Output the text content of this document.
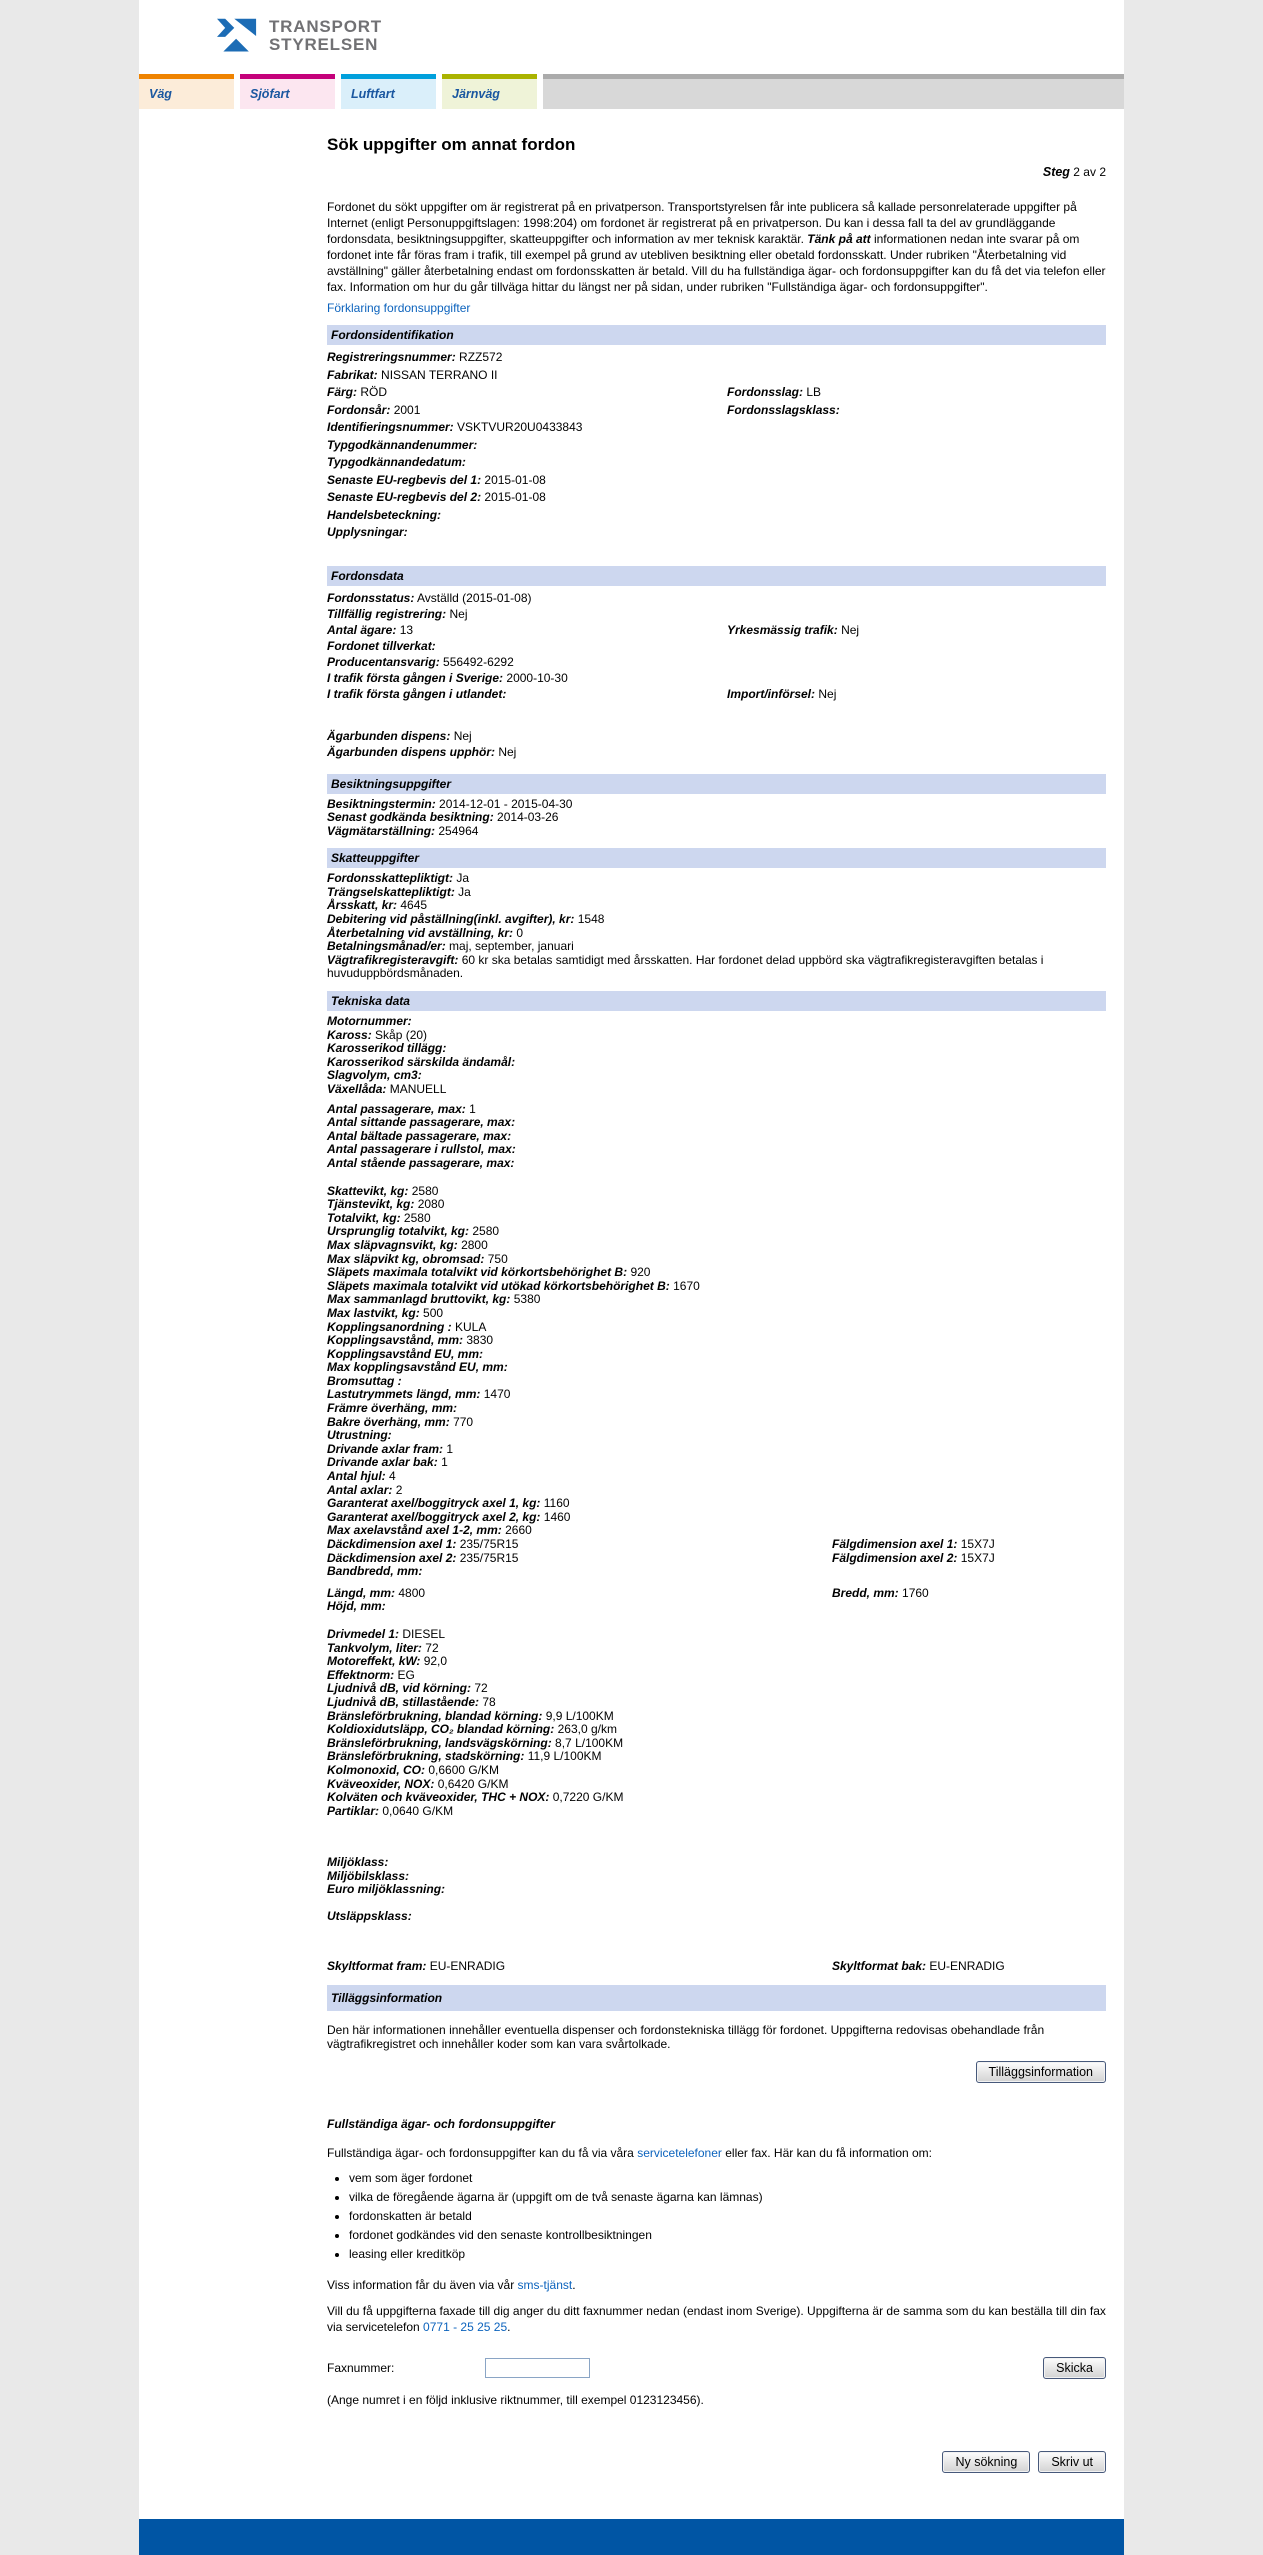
TRANSPORT
STYRELSEN
Väg	Sjöfart	Luftfart	Järnväg
Sök uppgifter om annat fordon
Steg 2 av 2

Fordonet du sökt uppgifter om är registrerat på en privatperson. Transportstyrelsen får inte publicera så kallade personrelaterade uppgifter på Internet (enligt Personuppgiftslagen: 1998:204) om fordonet är registrerat på en privatperson. Du kan i dessa fall ta del av grundläggande fordonsdata, besiktningsuppgifter, skatteuppgifter och information av mer teknisk karaktär. Tänk på att informationen nedan inte svarar på om fordonet inte får föras fram i trafik, till exempel på grund av utebliven besiktning eller obetald fordonsskatt. Under rubriken "Återbetalning vid avställning" gäller återbetalning endast om fordonsskatten är betald. Vill du ha fullständiga ägar- och fordonsuppgifter kan du få det via telefon eller fax. Information om hur du går tillväga hittar du längst ner på sidan, under rubriken "Fullständiga ägar- och fordonsuppgifter".

Förklaring fordonsuppgifter
Fordonsidentifikation
Registreringsnummer: RZZ572
Fabrikat: NISSAN TERRANO II
Färg: RÖD	Fordonsslag: LB
Fordonsår: 2001	Fordonsslagsklass:
Identifieringsnummer: VSKTVUR20U0433843
Typgodkännandenummer:
Typgodkännandedatum:
Senaste EU-regbevis del 1: 2015-01-08
Senaste EU-regbevis del 2: 2015-01-08
Handelsbeteckning:
Upplysningar:
Fordonsdata
Fordonsstatus: Avställd (2015-01-08)
Tillfällig registrering: Nej
Antal ägare: 13	Yrkesmässig trafik: Nej
Fordonet tillverkat:
Producentansvarig: 556492-6292
I trafik första gången i Sverige: 2000-10-30
I trafik första gången i utlandet:	Import/införsel: Nej
Ägarbunden dispens: Nej
Ägarbunden dispens upphör: Nej
Besiktningsuppgifter
Besiktningstermin: 2014-12-01 - 2015-04-30
Senast godkända besiktning: 2014-03-26
Vägmätarställning: 254964
Skatteuppgifter
Fordonsskattepliktigt: Ja
Trängselskattepliktigt: Ja
Årsskatt, kr: 4645
Debitering vid påställning(inkl. avgifter), kr: 1548
Återbetalning vid avställning, kr: 0
Betalningsmånad/er: maj, september, januari
Vägtrafikregisteravgift: 60 kr ska betalas samtidigt med årsskatten. Har fordonet delad uppbörd ska vägtrafikregisteravgiften betalas i huvuduppbördsmånaden.
Tekniska data
Motornummer:
Kaross: Skåp (20)
Karosserikod tillägg:
Karosserikod särskilda ändamål:
Slagvolym, cm3:
Växellåda: MANUELL
Antal passagerare, max: 1
Antal sittande passagerare, max:
Antal bältade passagerare, max:
Antal passagerare i rullstol, max:
Antal stående passagerare, max:
Skattevikt, kg: 2580
Tjänstevikt, kg: 2080
Totalvikt, kg: 2580
Ursprunglig totalvikt, kg: 2580
Max släpvagnsvikt, kg: 2800
Max släpvikt kg, obromsad: 750
Släpets maximala totalvikt vid körkortsbehörighet B: 920
Släpets maximala totalvikt vid utökad körkortsbehörighet B: 1670
Max sammanlagd bruttovikt, kg: 5380
Max lastvikt, kg: 500
Kopplingsanordning : KULA
Kopplingsavstånd, mm: 3830
Kopplingsavstånd EU, mm:
Max kopplingsavstånd EU, mm:
Bromsuttag :
Lastutrymmets längd, mm: 1470
Främre överhäng, mm:
Bakre överhäng, mm: 770
Utrustning:
Drivande axlar fram: 1
Drivande axlar bak: 1
Antal hjul: 4
Antal axlar: 2
Garanterat axel/boggitryck axel 1, kg: 1160
Garanterat axel/boggitryck axel 2, kg: 1460
Max axelavstånd axel 1-2, mm: 2660
Däckdimension axel 1: 235/75R15	Fälgdimension axel 1: 15X7J
Däckdimension axel 2: 235/75R15	Fälgdimension axel 2: 15X7J
Bandbredd, mm:
Längd, mm: 4800	Bredd, mm: 1760
Höjd, mm:
Drivmedel 1: DIESEL
Tankvolym, liter: 72
Motoreffekt, kW: 92,0
Effektnorm: EG
Ljudnivå dB, vid körning: 72
Ljudnivå dB, stillastående: 78
Bränsleförbrukning, blandad körning: 9,9 L/100KM
Koldioxidutsläpp, CO₂ blandad körning: 263,0 g/km
Bränsleförbrukning, landsvägskörning: 8,7 L/100KM
Bränsleförbrukning, stadskörning: 11,9 L/100KM
Kolmonoxid, CO: 0,6600 G/KM
Kväveoxider, NOX: 0,6420 G/KM
Kolväten och kväveoxider, THC + NOX: 0,7220 G/KM
Partiklar: 0,0640 G/KM
Miljöklass:
Miljöbilsklass:
Euro miljöklassning:
Utsläppsklass:
Skyltformat fram: EU-ENRADIG	Skyltformat bak: EU-ENRADIG
Tilläggsinformation
Den här informationen innehåller eventuella dispenser och fordonstekniska tillägg för fordonet. Uppgifterna redovisas obehandlade från vägtrafikregistret och innehåller koder som kan vara svårtolkade.
Tilläggsinformation
Fullständiga ägar- och fordonsuppgifter

Fullständiga ägar- och fordonsuppgifter kan du få via våra servicetelefoner eller fax. Här kan du få information om:

• vem som äger fordonet
• vilka de föregående ägarna är (uppgift om de två senaste ägarna kan lämnas)
• fordonskatten är betald
• fordonet godkändes vid den senaste kontrollbesiktningen
• leasing eller kreditköp

Viss information får du även via vår sms-tjänst.

Vill du få uppgifterna faxade till dig anger du ditt faxnummer nedan (endast inom Sverige). Uppgifterna är de samma som du kan beställa till din fax via servicetelefon 0771 - 25 25 25.

Faxnummer:	Skicka

(Ange numret i en följd inklusive riktnummer, till exempel 0123123456).

Ny sökning	Skriv ut
